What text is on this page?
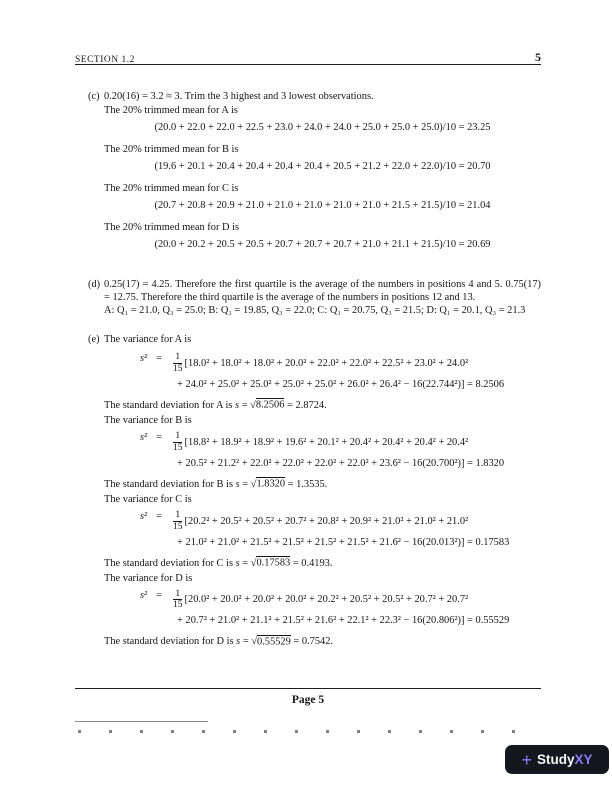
SECTION 1.2	5
(c) 0.20(16) = 3.2 ≈ 3. Trim the 3 highest and 3 lowest observations.
The 20% trimmed mean for A is
(20.0 + 22.0 + 22.0 + 22.5 + 23.0 + 24.0 + 24.0 + 25.0 + 25.0 + 25.0)/10 = 23.25
The 20% trimmed mean for B is
(19.6 + 20.1 + 20.4 + 20.4 + 20.4 + 20.4 + 20.5 + 21.2 + 22.0 + 22.0)/10 = 20.70
The 20% trimmed mean for C is
(20.7 + 20.8 + 20.9 + 21.0 + 21.0 + 21.0 + 21.0 + 21.0 + 21.5 + 21.5)/10 = 21.04
The 20% trimmed mean for D is
(20.0 + 20.2 + 20.5 + 20.5 + 20.7 + 20.7 + 20.7 + 21.0 + 21.1 + 21.5)/10 = 20.69
(d) 0.25(17) = 4.25. Therefore the first quartile is the average of the numbers in positions 4 and 5. 0.75(17) = 12.75. Therefore the third quartile is the average of the numbers in positions 12 and 13.
A: Q₁ = 21.0, Q₃ = 25.0; B: Q₁ = 19.85, Q₃ = 22.0; C: Q₁ = 20.75, Q₃ = 21.5; D: Q₁ = 20.1, Q₃ = 21.3
(e) The variance for A is
$s^2 = \frac{1}{15} [18.0^2 + 18.0^2 + 18.0^2 + 20.0^2 + 22.0^2 + 22.0^2 + 22.5^2 + 23.0^2 + 24.0^2$
+ 24.0² + 25.0² + 25.0² + 25.0² + 25.0² + 26.0² + 26.4² − 16(22.744²)] = 8.2506
The standard deviation for A is s = √8.2506 = 2.8724.
The variance for B is
$s^2 = \frac{1}{15} [18.8^2 + 18.9^2 + 18.9^2 + 19.6^2 + 20.1^2 + 20.4^2 + 20.4^2 + 20.4^2 + 20.4^2$
+ 20.5² + 21.2² + 22.0² + 22.0² + 22.0² + 22.0² + 23.6² − 16(20.700²)] = 1.8320
The standard deviation for B is s = √1.8320 = 1.3535.
The variance for C is
$s^2 = \frac{1}{15} [20.2^2 + 20.5^2 + 20.5^2 + 20.7^2 + 20.8^2 + 20.9^2 + 21.0^2 + 21.0^2 + 21.0^2$
+ 21.0² + 21.0² + 21.5² + 21.5² + 21.5² + 21.5² + 21.6² − 16(20.013²)] = 0.17583
The standard deviation for C is s = √0.17583 = 0.4193.
The variance for D is
$s^2 = \frac{1}{15} [20.0^2 + 20.0^2 + 20.0^2 + 20.0^2 + 20.2^2 + 20.5^2 + 20.5^2 + 20.7^2 + 20.7^2$
+ 20.7² + 21.0² + 21.1² + 21.5² + 21.6² + 22.1² + 22.3² − 16(20.806²)] = 0.55529
The standard deviation for D is s = √0.55529 = 0.7542.
Page 5
+ Study XY
